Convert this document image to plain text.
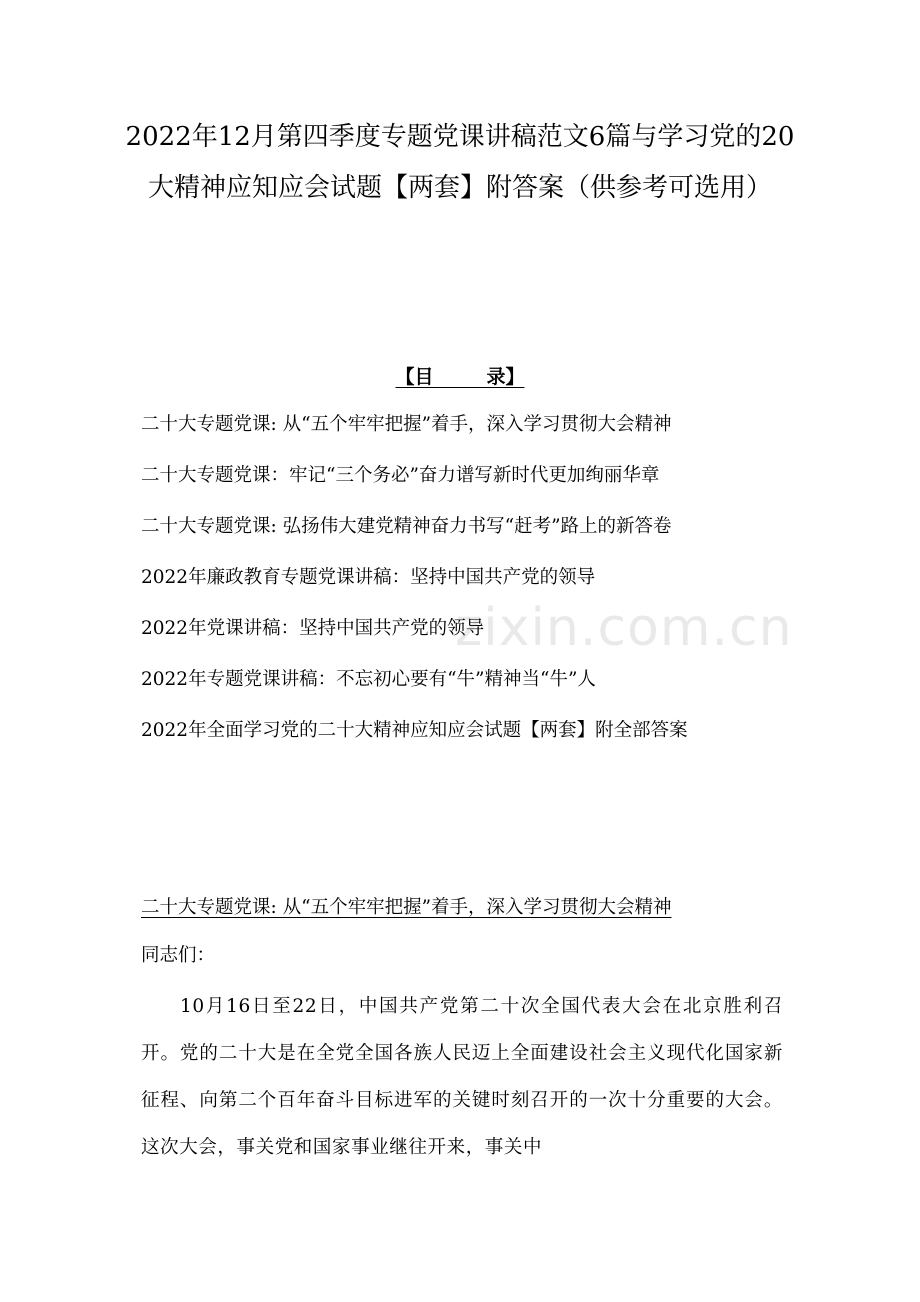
2022年12月第四季度专题党课讲稿范文6篇与学习党的20大精神应知应会试题【两套】附答案（供参考可选用）
【目        录】
二十大专题党课: 从“五个牢牢把握”着手，深入学习贯彻大会精神
二十大专题党课：牢记“三个务必”奋力谱写新时代更加绚丽华章
二十大专题党课: 弘扬伟大建党精神奋力书写“赶考”路上的新答卷
2022年廉政教育专题党课讲稿：坚持中国共产党的领导
2022年党课讲稿：坚持中国共产党的领导
2022年专题党课讲稿：不忘初心要有“牛”精神当“牛”人
2022年全面学习党的二十大精神应知应会试题【两套】附全部答案
zixin.com.cn
二十大专题党课: 从“五个牢牢把握”着手，深入学习贯彻大会精神
同志们：

10月16日至22日，中国共产党第二十次全国代表大会在北京胜利召开。党的二十大是在全党全国各族人民迈上全面建设社会主义现代化国家新征程、向第二个百年奋斗目标进军的关键时刻召开的一次十分重要的大会。这次大会，事关党和国家事业继往开来，事关中
